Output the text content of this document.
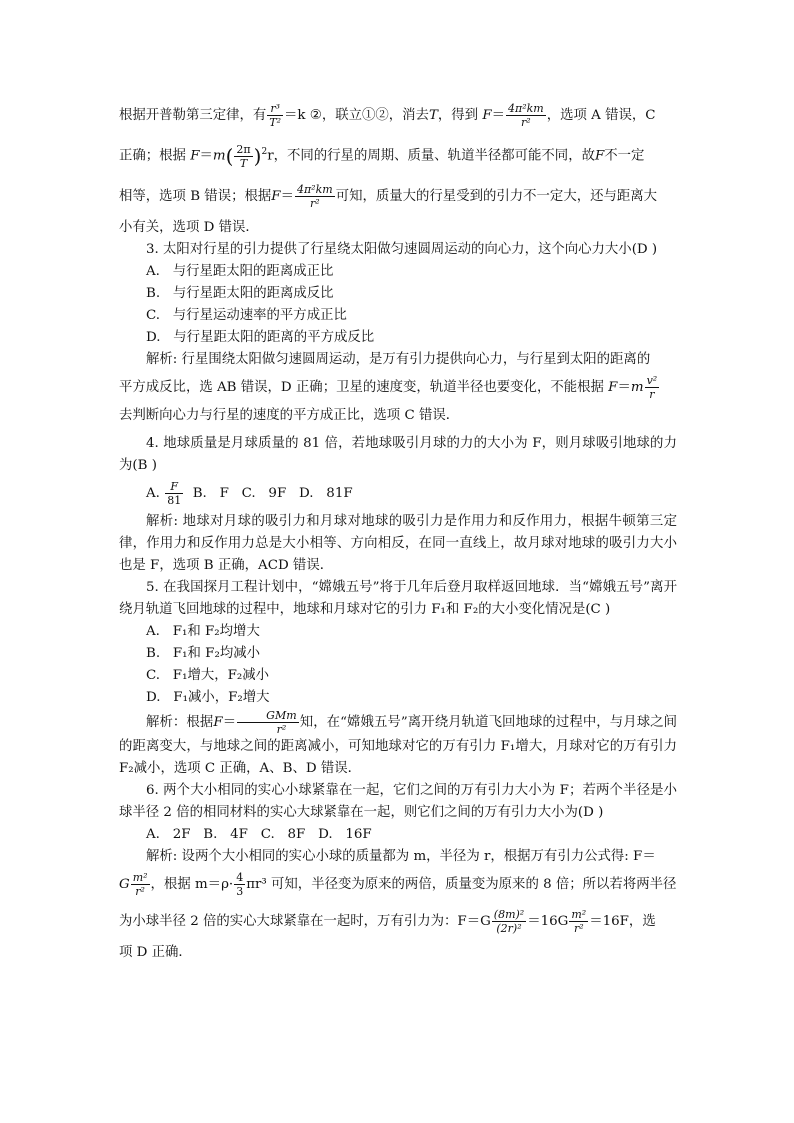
根据开普勒第三定律，有 $\frac{\text{r³}}{\text{T²}} =k$ ②，联立①②，消去T，得到 $F= \frac{\text{4π²km}}{\text{r²}}$ ，选项 A 错误，C

正确；根据 $F=m( \frac{2\pi}{T} )^2r$，不同的行星的周期、质量、轨道半径都可能不同，故F不一定

相等，选项 B 错误；根据$F= \frac{\text{4π²km}}{\text{r²}}$ 可知，质量大的行星受到的引力不一定大，还与距离大

小有关，选项 D 错误．

3. 太阳对行星的引力提供了行星绕太阳做匀速圆周运动的向心力，这个向心力大小(D )

A.   与行星距太阳的距离成正比

B.   与行星距太阳的距离成反比

C.   与行星运动速率的平方成正比

D.   与行星距太阳的距离的平方成反比

解析: 行星围绕太阳做匀速圆周运动，是万有引力提供向心力，与行星到太阳的距离的

平方成反比，选 AB 错误，D 正确；卫星的速度变，轨道半径也要变化，不能根据 $F=m \frac{\text{v²}}{r}$

去判断向心力与行星的速度的平方成正比，选项 C 错误．

4. 地球质量是月球质量的 81 倍，若地球吸引月球的力的大小为 F，则月球吸引地球的力为(B )

A. $\frac{F}{81} B$.   F   C.   9F   D.   81F

解析: 地球对月球的吸引力和月球对地球的吸引力是作用力和反作用力，根据牛顿第三定律，作用力和反作用力总是大小相等、方向相反，在同一直线上，故月球对地球的吸引力大小也是 F，选项 B 正确，ACD 错误．

5. 在我国探月工程计划中，“嫦娥五号”将于几年后登月取样返回地球．当“嫦娥五号”离开绕月轨道飞回地球的过程中，地球和月球对它的引力 F₁和 F₂的大小变化情况是(C )

A.   F₁和 F₂均增大

B.   F₁和 F₂均减小

C.   F₁增大，F₂减小

D.   F₁减小，F₂增大

解析：根据$F= \frac{\text{GMm}}{\text{r²}}$ 知，在“嫦娥五号”离开绕月轨道飞回地球的过程中，与月球之间的距离变大，与地球之间的距离减小，可知地球对它的万有引力 F₁增大，月球对它的万有引力 F₂减小，选项 C 正确，A、B、D 错误．

6. 两个大小相同的实心小球紧靠在一起，它们之间的万有引力大小为 F；若两个半径是小球半径 2 倍的相同材料的实心大球紧靠在一起，则它们之间的万有引力大小为(D )

A.   2F   B.   4F   C.   8F   D.   16F

解析: 设两个大小相同的实心小球的质量都为 m，半径为 r，根据万有引力公式得: F＝

G $\frac{\text{m²}}{\text{r²}}$ ，根据 $m=\rho\cdot \frac{4}{3} \pi r^3$ 可知，半径变为原来的两倍，质量变为原来的 8 倍；所以若将两半径

为小球半径 2 倍的实心大球紧靠在一起时，万有引力为：$F=G \frac{\text{(8m)²}}{\text{(2r)²}} =16G \frac{\text{m²}}{\text{r²}} =16F$，选

项 D 正确．
